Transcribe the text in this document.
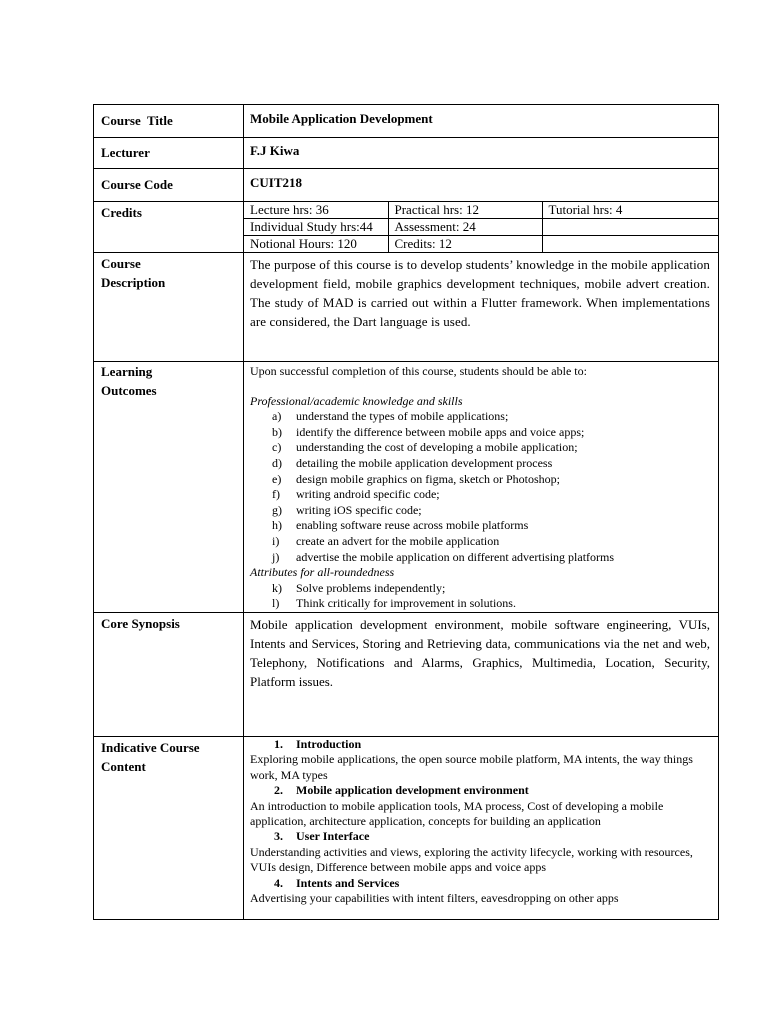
Course  Title	Mobile Application Development
Lecturer	F.J Kiwa
Course Code	CUIT218
Credits		Lecture hrs: 36	Practical hrs: 12	Tutorial hrs: 4
Individual Study hrs:44	Assessment: 24	
Notional Hours: 120	Credits: 12	

Course
Description

The purpose of this course is to develop students’ knowledge in the mobile application development field, mobile graphics development techniques, mobile advert creation. The study of MAD is carried out within a Flutter framework. When implementations are considered, the Dart language is used.

Learning
Outcomes

Upon successful completion of this course, students should be able to:
Professional/academic knowledge and skills
a)	understand the types of mobile applications;
b)	identify the difference between mobile apps and voice apps;
c)	understanding the cost of developing a mobile application;
d)	detailing the mobile application development process
e)	design mobile graphics on figma, sketch or Photoshop;
f)	writing android specific code;
g)	writing iOS specific code;
h)	enabling software reuse across mobile platforms
i)	create an advert for the mobile application
j)	advertise the mobile application on different advertising platforms
Attributes for all-roundedness
k)	Solve problems independently;
l)	Think critically for improvement in solutions.

Core Synopsis	Mobile application development environment, mobile software engineering, VUIs, Intents and Services, Storing and Retrieving data, communications via the net and web, Telephony, Notifications and Alarms, Graphics, Multimedia, Location, Security, Platform issues.

Indicative Course
Content

1.	Introduction
Exploring mobile applications, the open source mobile platform, MA intents, the way things work, MA types
2.	Mobile application development environment
An introduction to mobile application tools, MA process, Cost of developing a mobile application, architecture application, concepts for building an application
3.	User Interface
Understanding activities and views, exploring the activity lifecycle, working with resources, VUIs design, Difference between mobile apps and voice apps
4.	Intents and Services
Advertising your capabilities with intent filters, eavesdropping on other apps
